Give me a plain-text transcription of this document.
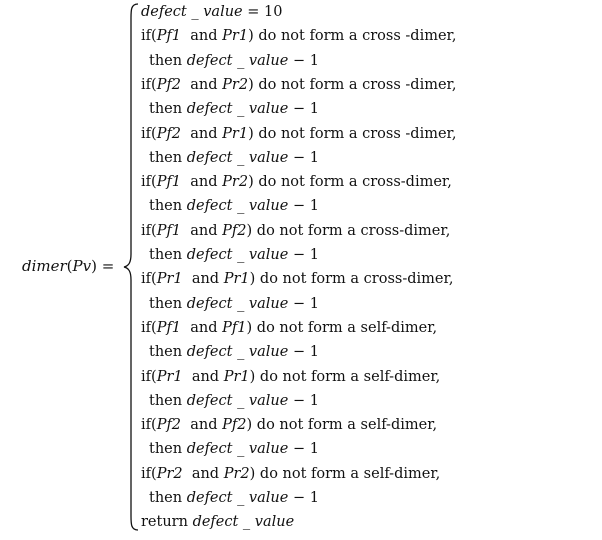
dimer(Pv) =
defect _ value = 10
if(Pf1 and Pr1) do not form a cross -dimer,
then defect _ value − 1
if(Pf2 and Pr2) do not form a cross -dimer,
then defect _ value − 1
if(Pf2 and Pr1) do not form a cross -dimer,
then defect _ value − 1
if(Pf1 and Pr2) do not form a cross-dimer,
then defect _ value − 1
if(Pf1 and Pf2) do not form a cross-dimer,
then defect _ value − 1
if(Pr1 and Pr1) do not form a cross-dimer,
then defect _ value − 1
if(Pf1 and Pf1) do not form a self-dimer,
then defect _ value − 1
if(Pr1 and Pr1) do not form a self-dimer,
then defect _ value − 1
if(Pf2 and Pf2) do not form a self-dimer,
then defect _ value − 1
if(Pr2 and Pr2) do not form a self-dimer,
then defect _ value − 1
return defect _ value
